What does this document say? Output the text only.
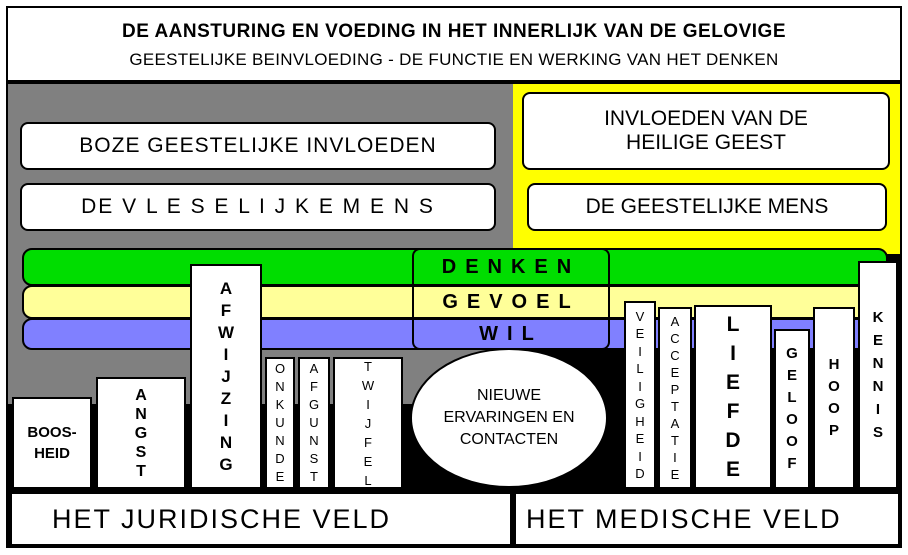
DE AANSTURING EN VOEDING IN HET INNERLIJK VAN DE GELOVIGE
GEESTELIJKE BEINVLOEDING - DE FUNCTIE EN WERKING VAN HET DENKEN
BOZE GEESTELIJKE INVLOEDEN
DE V L E S E L I J K E M E N S
INVLOEDEN VAN DE
HEILIGE GEEST
DE GEESTELIJKE MENS
DENKEN
GEVOEL
WIL
BOOS-
HEID
A
N
G
S
T
A
F
W
I
J
Z
I
N
G
O
N
K
U
N
D
E
A
F
G
U
N
S
T
T
W
I
J
F
E
L
NIEUWE
ERVARINGEN EN
CONTACTEN
V
E
I
L
I
G
H
E
I
D
A
C
C
E
P
T
A
T
I
E
L
I
E
F
D
E
G
E
L
O
O
F
H
O
O
P
K
E
N
N
I
S
HET JURIDISCHE VELD	HET MEDISCHE VELD
